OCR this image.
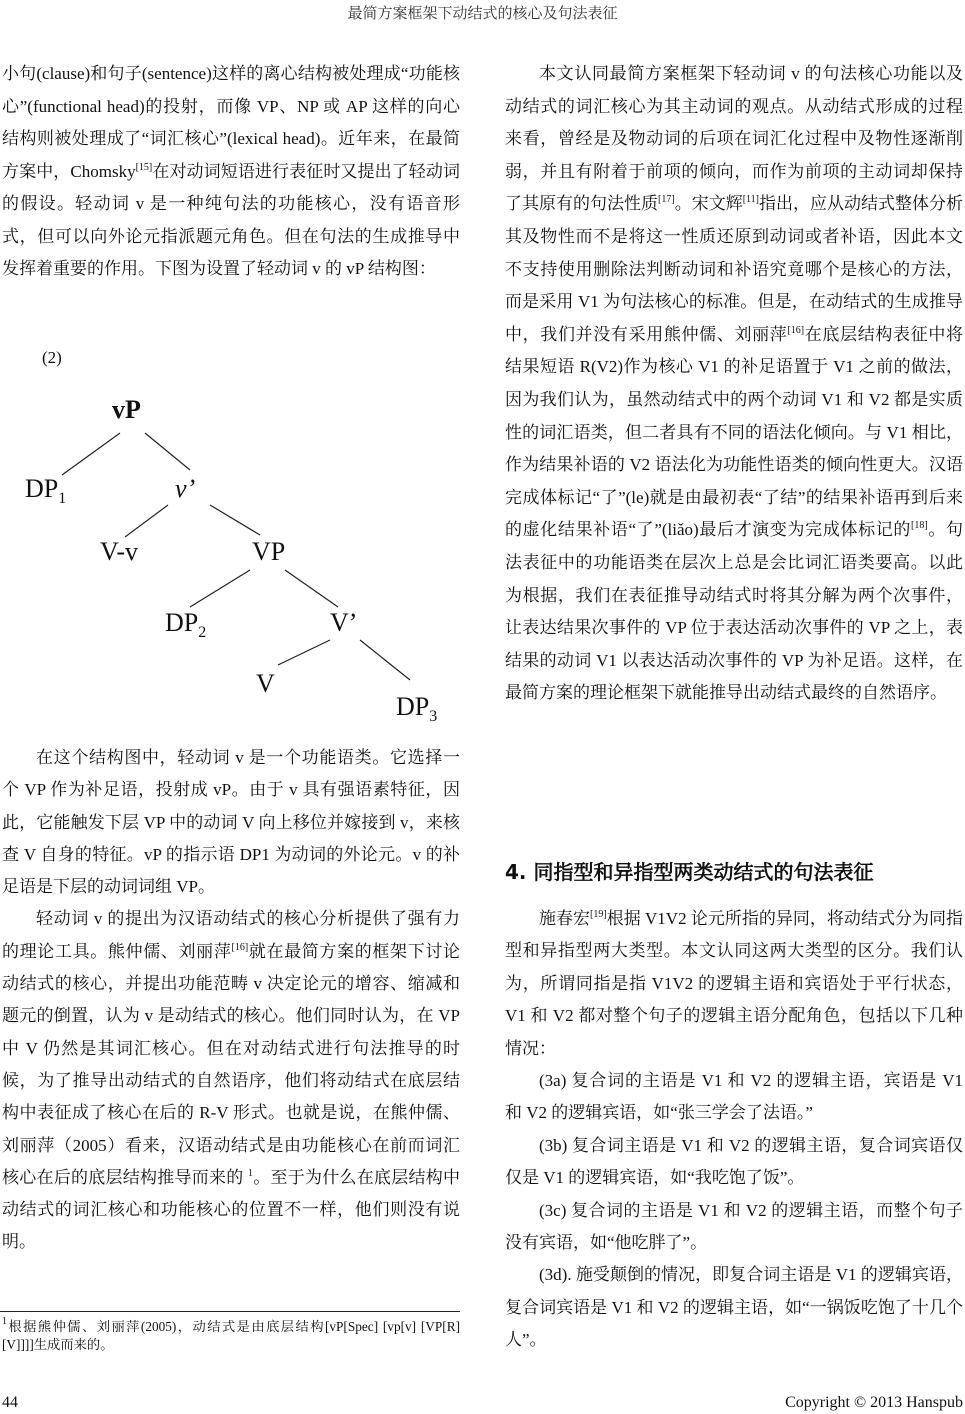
最简方案框架下动结式的核心及句法表征

小句(clause)和句子(sentence)这样的离心结构被处理成“功能核心”(functional head)的投射，而像 VP、NP 或 AP 这样的向心结构则被处理成了“词汇核心”(lexical head)。近年来，在最简方案中，Chomsky[15]在对动词短语进行表征时又提出了轻动词的假设。轻动词 v 是一种纯句法的功能核心，没有语音形式，但可以向外论元指派题元角色。但在句法的生成推导中发挥着重要的作用。下图为设置了轻动词 v 的 vP 结构图：

(2)
vP
$DP_1$	v’
V-v	VP
$DP_2$	V’
V
$DP_3$

在这个结构图中，轻动词 v 是一个功能语类。它选择一个 VP 作为补足语，投射成 vP。由于 v 具有强语素特征，因此，它能触发下层 VP 中的动词 V 向上移位并嫁接到 v，来核查 V 自身的特征。vP 的指示语 DP1 为动词的外论元。v 的补足语是下层的动词词组 VP。

轻动词 v 的提出为汉语动结式的核心分析提供了强有力的理论工具。熊仲儒、刘丽萍[16]就在最简方案的框架下讨论动结式的核心，并提出功能范畴 v 决定论元的增容、缩减和题元的倒置，认为 v 是动结式的核心。他们同时认为，在 VP 中 V 仍然是其词汇核心。但在对动结式进行句法推导的时候，为了推导出动结式的自然语序，他们将动结式在底层结构中表征成了核心在后的 R-V 形式。也就是说，在熊仲儒、刘丽萍（2005）看来，汉语动结式是由功能核心在前而词汇核心在后的底层结构推导而来的 $^1$。至于为什么在底层结构中动结式的词汇核心和功能核心的位置不一样，他们则没有说明。

$^1$根据熊仲儒、刘丽萍(2005)，动结式是由底层结构[vP[Spec] [vp[v] [VP[R] [V]]]]生成而来的。

本文认同最简方案框架下轻动词 v 的句法核心功能以及动结式的词汇核心为其主动词的观点。从动结式形成的过程来看，曾经是及物动词的后项在词汇化过程中及物性逐渐削弱，并且有附着于前项的倾向，而作为前项的主动词却保持了其原有的句法性质[17]。宋文辉[11]指出，应从动结式整体分析其及物性而不是将这一性质还原到动词或者补语，因此本文不支持使用删除法判断动词和补语究竟哪个是核心的方法，而是采用 V1 为句法核心的标准。但是，在动结式的生成推导中，我们并没有采用熊仲儒、刘丽萍[16]在底层结构表征中将结果短语 R(V2)作为核心 V1 的补足语置于 V1 之前的做法，因为我们认为，虽然动结式中的两个动词 V1 和 V2 都是实质性的词汇语类，但二者具有不同的语法化倾向。与 V1 相比，作为结果补语的 V2 语法化为功能性语类的倾向性更大。汉语完成体标记“了”(le)就是由最初表“了结”的结果补语再到后来的虚化结果补语“了”(liǎo)最后才演变为完成体标记的[18]。句法表征中的功能语类在层次上总是会比词汇语类要高。以此为根据，我们在表征推导动结式时将其分解为两个次事件，让表达结果次事件的 VP 位于表达活动次事件的 VP 之上，表结果的动词 V1 以表达活动次事件的 VP 为补足语。这样，在最简方案的理论框架下就能推导出动结式最终的自然语序。

4. 同指型和异指型两类动结式的句法表征

施春宏[19]根据 V1V2 论元所指的异同，将动结式分为同指型和异指型两大类型。本文认同这两大类型的区分。我们认为，所谓同指是指 V1V2 的逻辑主语和宾语处于平行状态，V1 和 V2 都对整个句子的逻辑主语分配角色，包括以下几种情况：

(3a) 复合词的主语是 V1 和 V2 的逻辑主语，宾语是 V1 和 V2 的逻辑宾语，如“张三学会了法语。”

(3b) 复合词主语是 V1 和 V2 的逻辑主语，复合词宾语仅仅是 V1 的逻辑宾语，如“我吃饱了饭”。

(3c) 复合词的主语是 V1 和 V2 的逻辑主语，而整个句子没有宾语，如“他吃胖了”。

(3d). 施受颠倒的情况，即复合词主语是 V1 的逻辑宾语，复合词宾语是 V1 和 V2 的逻辑主语，如“一锅饭吃饱了十几个人”。

44	Copyright © 2013 Hanspub
